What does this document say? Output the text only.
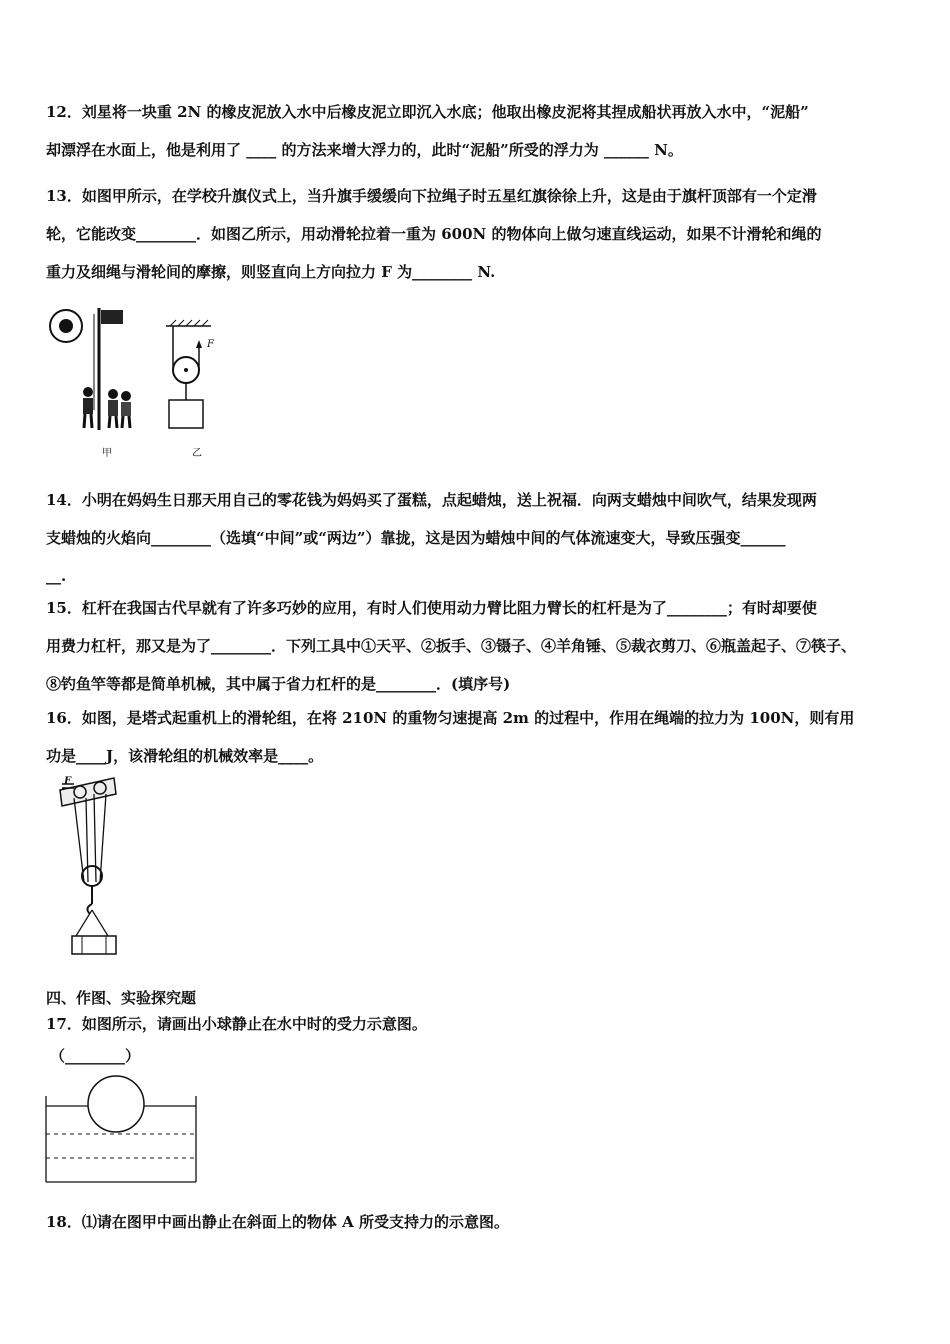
12．刘星将一块重 2N 的橡皮泥放入水中后橡皮泥立即沉入水底；他取出橡皮泥将其捏成船状再放入水中，“泥船”
却漂浮在水面上，他是利用了 ____ 的方法来增大浮力的，此时“泥船”所受的浮力为 ______ N。
13．如图甲所示，在学校升旗仪式上，当升旗手缓缓向下拉绳子时五星红旗徐徐上升，这是由于旗杆顶部有一个定滑
轮，它能改变________．如图乙所示，用动滑轮拉着一重为 600N 的物体向上做匀速直线运动，如果不计滑轮和绳的
重力及细绳与滑轮间的摩擦，则竖直向上方向拉力 F 为________ N.
甲	乙
F
14．小明在妈妈生日那天用自己的零花钱为妈妈买了蛋糕，点起蜡烛，送上祝福．向两支蜡烛中间吹气，结果发现两
支蜡烛的火焰向________（选填“中间”或“两边”）靠拢，这是因为蜡烛中间的气体流速变大，导致压强变______
__.
15．杠杆在我国古代早就有了许多巧妙的应用，有时人们使用动力臂比阻力臂长的杠杆是为了________；有时却要使
用费力杠杆，那又是为了________．下列工具中①天平、②扳手、③镊子、④羊角锤、⑤裁衣剪刀、⑥瓶盖起子、⑦筷子、
⑧钓鱼竿等都是简单机械，其中属于省力杠杆的是________．(填序号)
16．如图，是塔式起重机上的滑轮组，在将 210N 的重物匀速提高 2m 的过程中，作用在绳端的拉力为 100N，则有用
功是____J，该滑轮组的机械效率是____。
F
四、作图、实验探究题
17．如图所示，请画出小球静止在水中时的受力示意图。
（________）
18．⑴请在图甲中画出静止在斜面上的物体 A 所受支持力的示意图。
